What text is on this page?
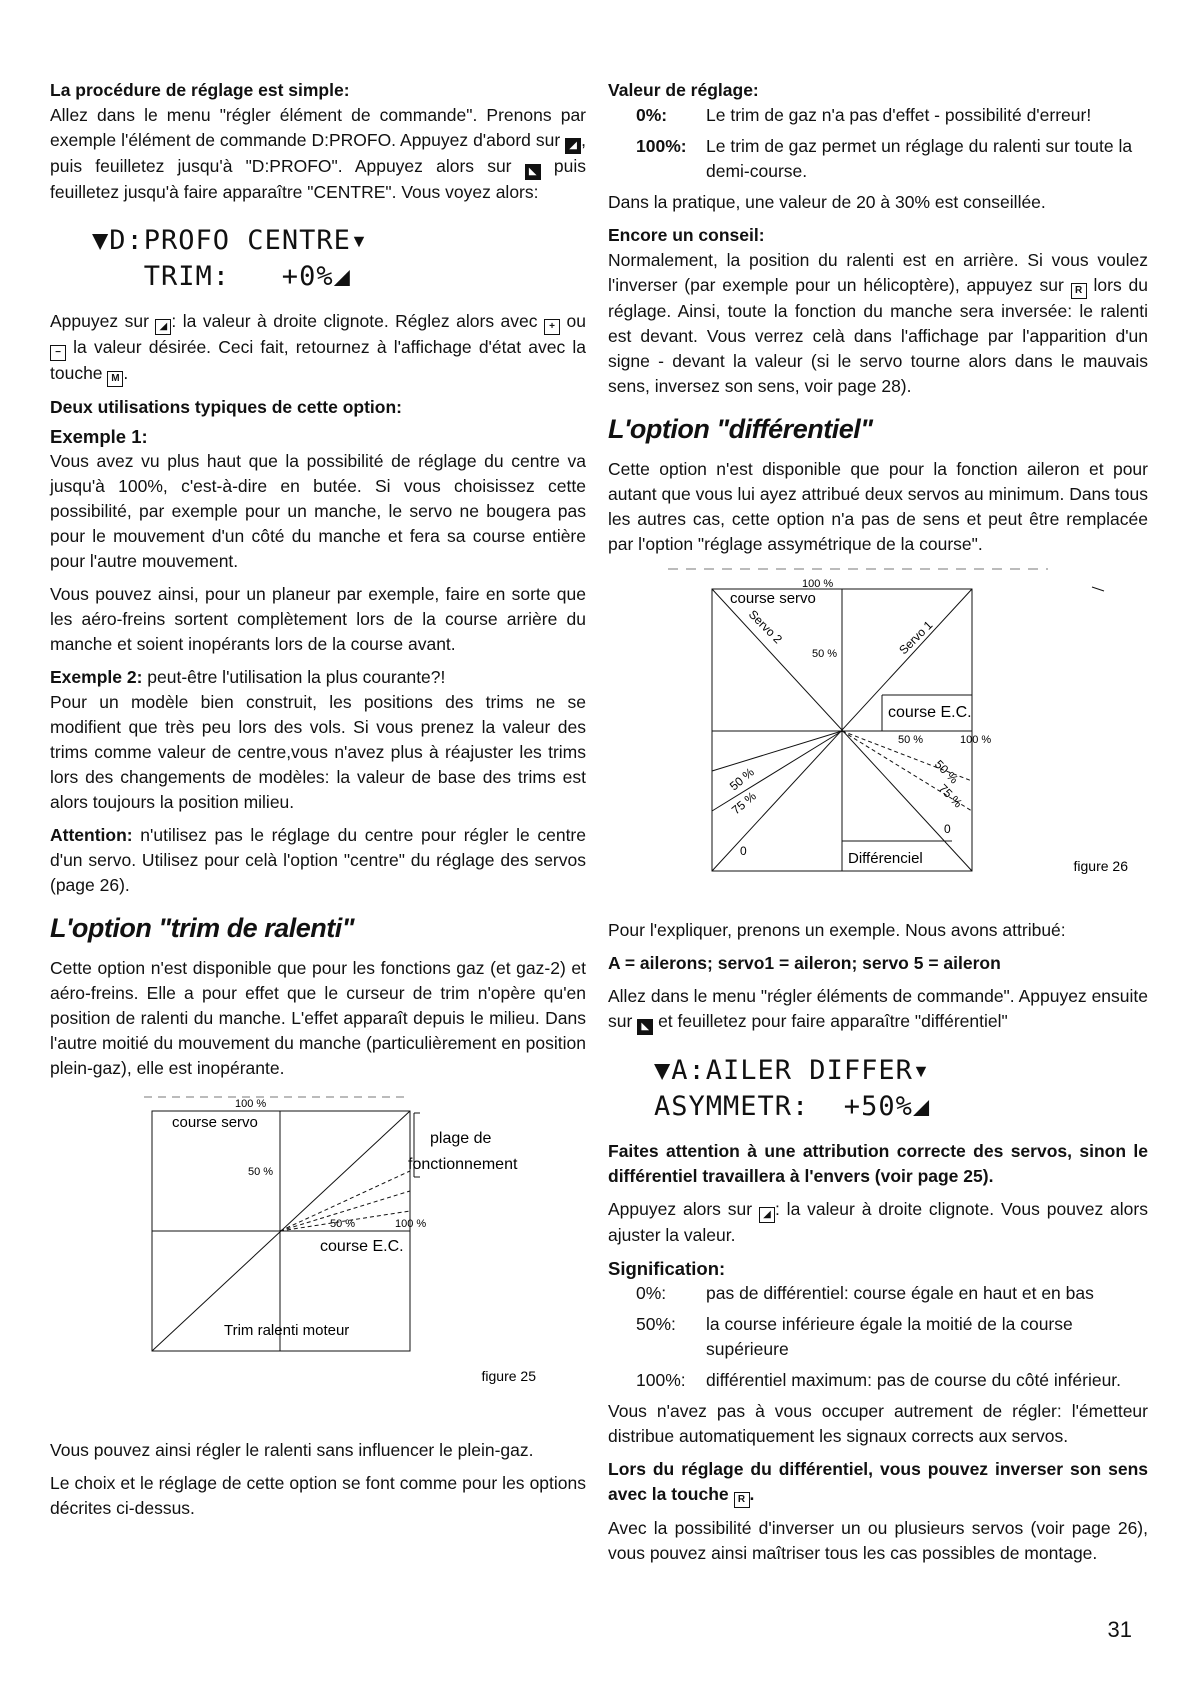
La procédure de réglage est simple:

Allez dans le menu "régler élément de commande". Prenons par exemple l'élément de commande D:PROFO. Appuyez d'abord sur ◢ , puis feuilletez jusqu'à "D:PROFO". Appuyez alors sur ◣ puis feuilletez jusqu'à faire apparaître "CENTRE". Vous voyez alors:

▼D:PROFO CENTRE▾
TRIM:   +0%◢

Appuyez sur ◢ : la valeur à droite clignote. Réglez alors avec + ou − la valeur désirée. Ceci fait, retournez à l'affichage d'état avec la touche M .

Deux utilisations typiques de cette option:

Exemple 1:

Vous avez vu plus haut que la possibilité de réglage du centre va jusqu'à 100%, c'est-à-dire en butée. Si vous choisissez cette possibilité, par exemple pour un manche, le servo ne bougera pas pour le mouvement d'un côté du manche et fera sa course entière pour l'autre mouvement.

Vous pouvez ainsi, pour un planeur par exemple, faire en sorte que les aéro-freins sortent complètement lors de la course arrière du manche et soient inopérants lors de la course avant.

Exemple 2: peut-être l'utilisation la plus courante?!

Pour un modèle bien construit, les positions des trims ne se modifient que très peu lors des vols. Si vous prenez la valeur des trims comme valeur de centre,vous n'avez plus à réajuster les trims lors des changements de modèles: la valeur de base des trims est alors toujours la position milieu.

Attention: n'utilisez pas le réglage du centre pour régler le centre d'un servo. Utilisez pour celà l'option "centre" du réglage des servos (page 26).

L'option "trim de ralenti"

Cette option n'est disponible que pour les fonctions gaz (et gaz-2) et aéro-freins. Elle a pour effet que le curseur de trim n'opère qu'en position de ralenti du manche. L'effet apparaît depuis le milieu. Dans l'autre moitié du mouvement du manche (particulièrement en position plein-gaz), elle est inopérante.

100 %
course servo
50 %
plage de
fonctionnement
50 %	100 %
course E.C.
Trim ralenti moteur
figure 25

Vous pouvez ainsi régler le ralenti sans influencer le plein-gaz.

Le choix et le réglage de cette option se font comme pour les options décrites ci-dessus.

Valeur de réglage:

0%:	Le trim de gaz n'a pas d'effet - possibilité d'erreur!
100%:	Le trim de gaz permet un réglage du ralenti sur toute la demi-course.

Dans la pratique, une valeur de 20 à 30% est conseillée.

Encore un conseil:

Normalement, la position du ralenti est en arrière. Si vous voulez l'inverser (par exemple pour un hélicoptère), appuyez sur R lors du réglage. Ainsi, toute la fonction du manche sera inversée: le ralenti est devant. Vous verrez celà dans l'affichage par l'apparition d'un signe - devant la valeur (si le servo tourne alors dans le mauvais sens, inversez son sens, voir page 28).

L'option "différentiel"

Cette option n'est disponible que pour la fonction aileron et pour autant que vous lui ayez attribué deux servos au minimum. Dans tous les autres cas, cette option n'a pas de sens et peut être remplacée par l'option "réglage assymétrique de la course".

100 %
course servo
Servo 2	Servo 1
50 %
course E.C.
50 %	100 %
50 %
75 %
0
50 %
75 %
0
Différenciel	figure 26

Pour l'expliquer, prenons un exemple. Nous avons attribué:

A = ailerons; servo1 = aileron; servo 5 = aileron

Allez dans le menu "régler éléments de commande". Appuyez ensuite sur ◣ et feuilletez pour faire apparaître "différentiel"

▼A:AILER DIFFER▾
ASYMMETR:  +50%◢

Faites attention à une attribution correcte des servos, sinon le différentiel travaillera à l'envers (voir page 25).

Appuyez alors sur ◢ : la valeur à droite clignote. Vous pouvez alors ajuster la valeur.

Signification:

0%:	pas de différentiel: course égale en haut et en bas
50%:	la course inférieure égale la moitié de la course supérieure
100%:	différentiel maximum: pas de course du côté inférieur.

Vous n'avez pas à vous occuper autrement de régler: l'émetteur distribue automatiquement les signaux corrects aux servos.

Lors du réglage du différentiel, vous pouvez inverser son sens avec la touche R .

Avec la possibilité d'inverser un ou plusieurs servos (voir page 26), vous pouvez ainsi maîtriser tous les cas possibles de montage.

31
